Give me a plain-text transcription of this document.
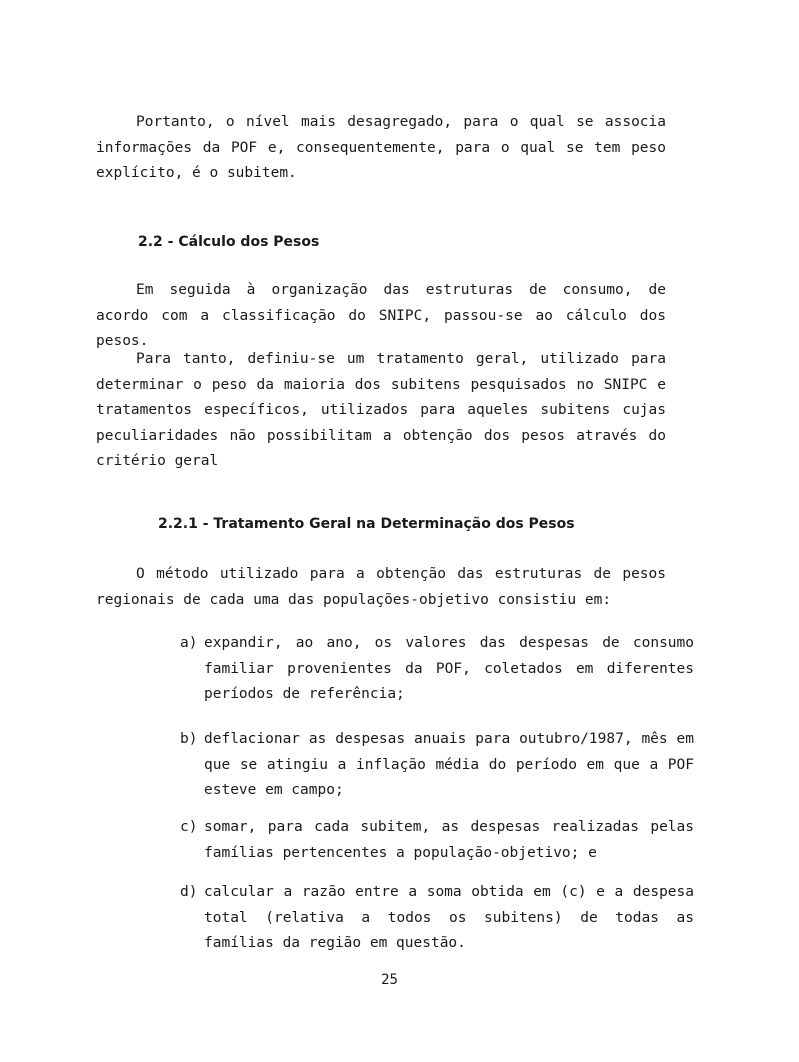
Portanto, o nível mais desagregado, para o qual se associa informações da POF e, consequentemente, para o qual se tem peso explícito, é o subitem.

2.2 - Cálculo dos Pesos

Em seguida à organização das estruturas de consumo, de acordo com a classificação do SNIPC, passou-se ao cálculo dos pesos.

Para tanto, definiu-se um tratamento geral, utilizado para determinar o peso da maioria dos subitens pesquisados no SNIPC e tratamentos específicos, utilizados para aqueles subitens cujas peculiaridades não possibilitam a obtenção dos pesos através do critério geral

2.2.1 - Tratamento Geral na Determinação dos Pesos

O método utilizado para a obtenção das estruturas de pesos regionais de cada uma das populações-objetivo consistiu em:

a) expandir, ao ano, os valores das despesas de consumo familiar provenientes da POF, coletados em diferentes períodos de referência;

b) deflacionar as despesas anuais para outubro/1987, mês em que se atingiu a inflação média do período em que a POF esteve em campo;

c) somar, para cada subitem, as despesas realizadas pelas famílias pertencentes a população-objetivo; e

d) calcular a razão entre a soma obtida em (c) e a despesa total (relativa a todos os subitens) de todas as famílias da região em questão.

25
